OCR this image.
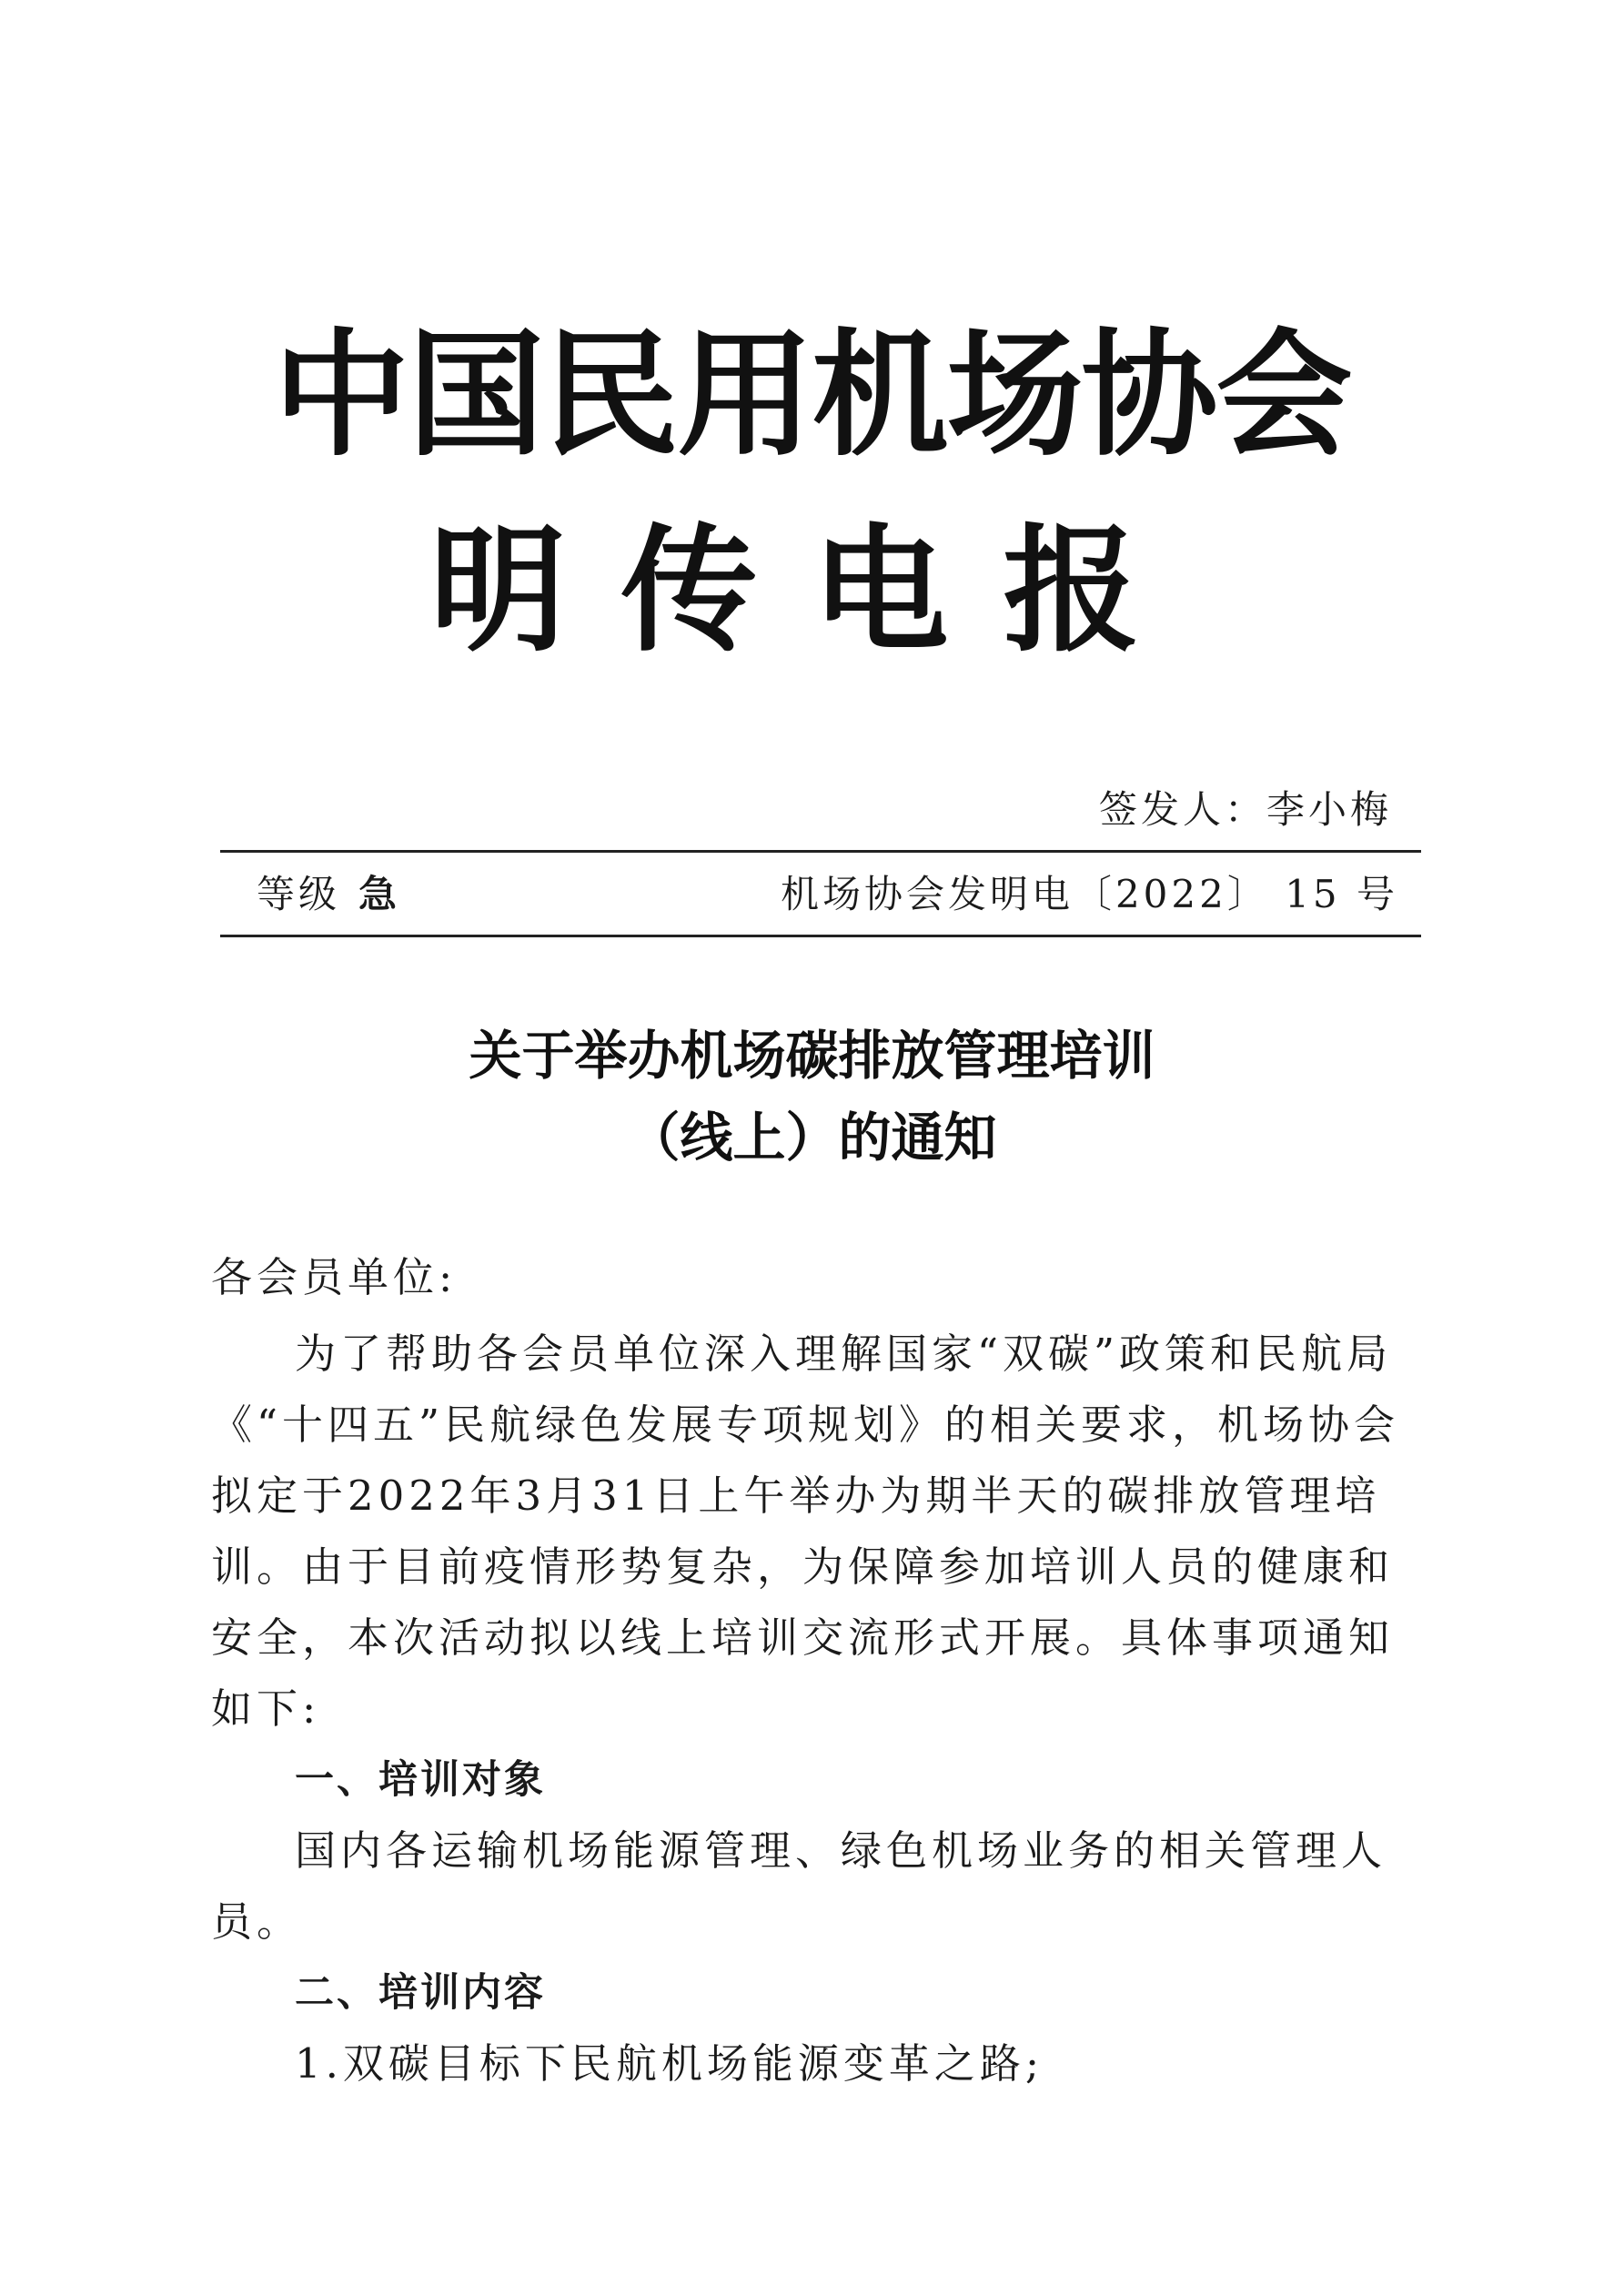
中国民用机场协会
明传电报
签发人：李小梅
等级 急	机场协会发明电〔2022〕 15 号
关于举办机场碳排放管理培训
（线上）的通知

各会员单位:

为了帮助各会员单位深入理解国家“双碳”政策和民航局《“十四五”民航绿色发展专项规划》的相关要求，机场协会拟定于2022年3月31日上午举办为期半天的碳排放管理培训。由于目前疫情形势复杂，为保障参加培训人员的健康和安全，本次活动拟以线上培训交流形式开展。具体事项通知如下:

一、培训对象

国内各运输机场能源管理、绿色机场业务的相关管理人员。

二、培训内容

1.双碳目标下民航机场能源变革之路;
